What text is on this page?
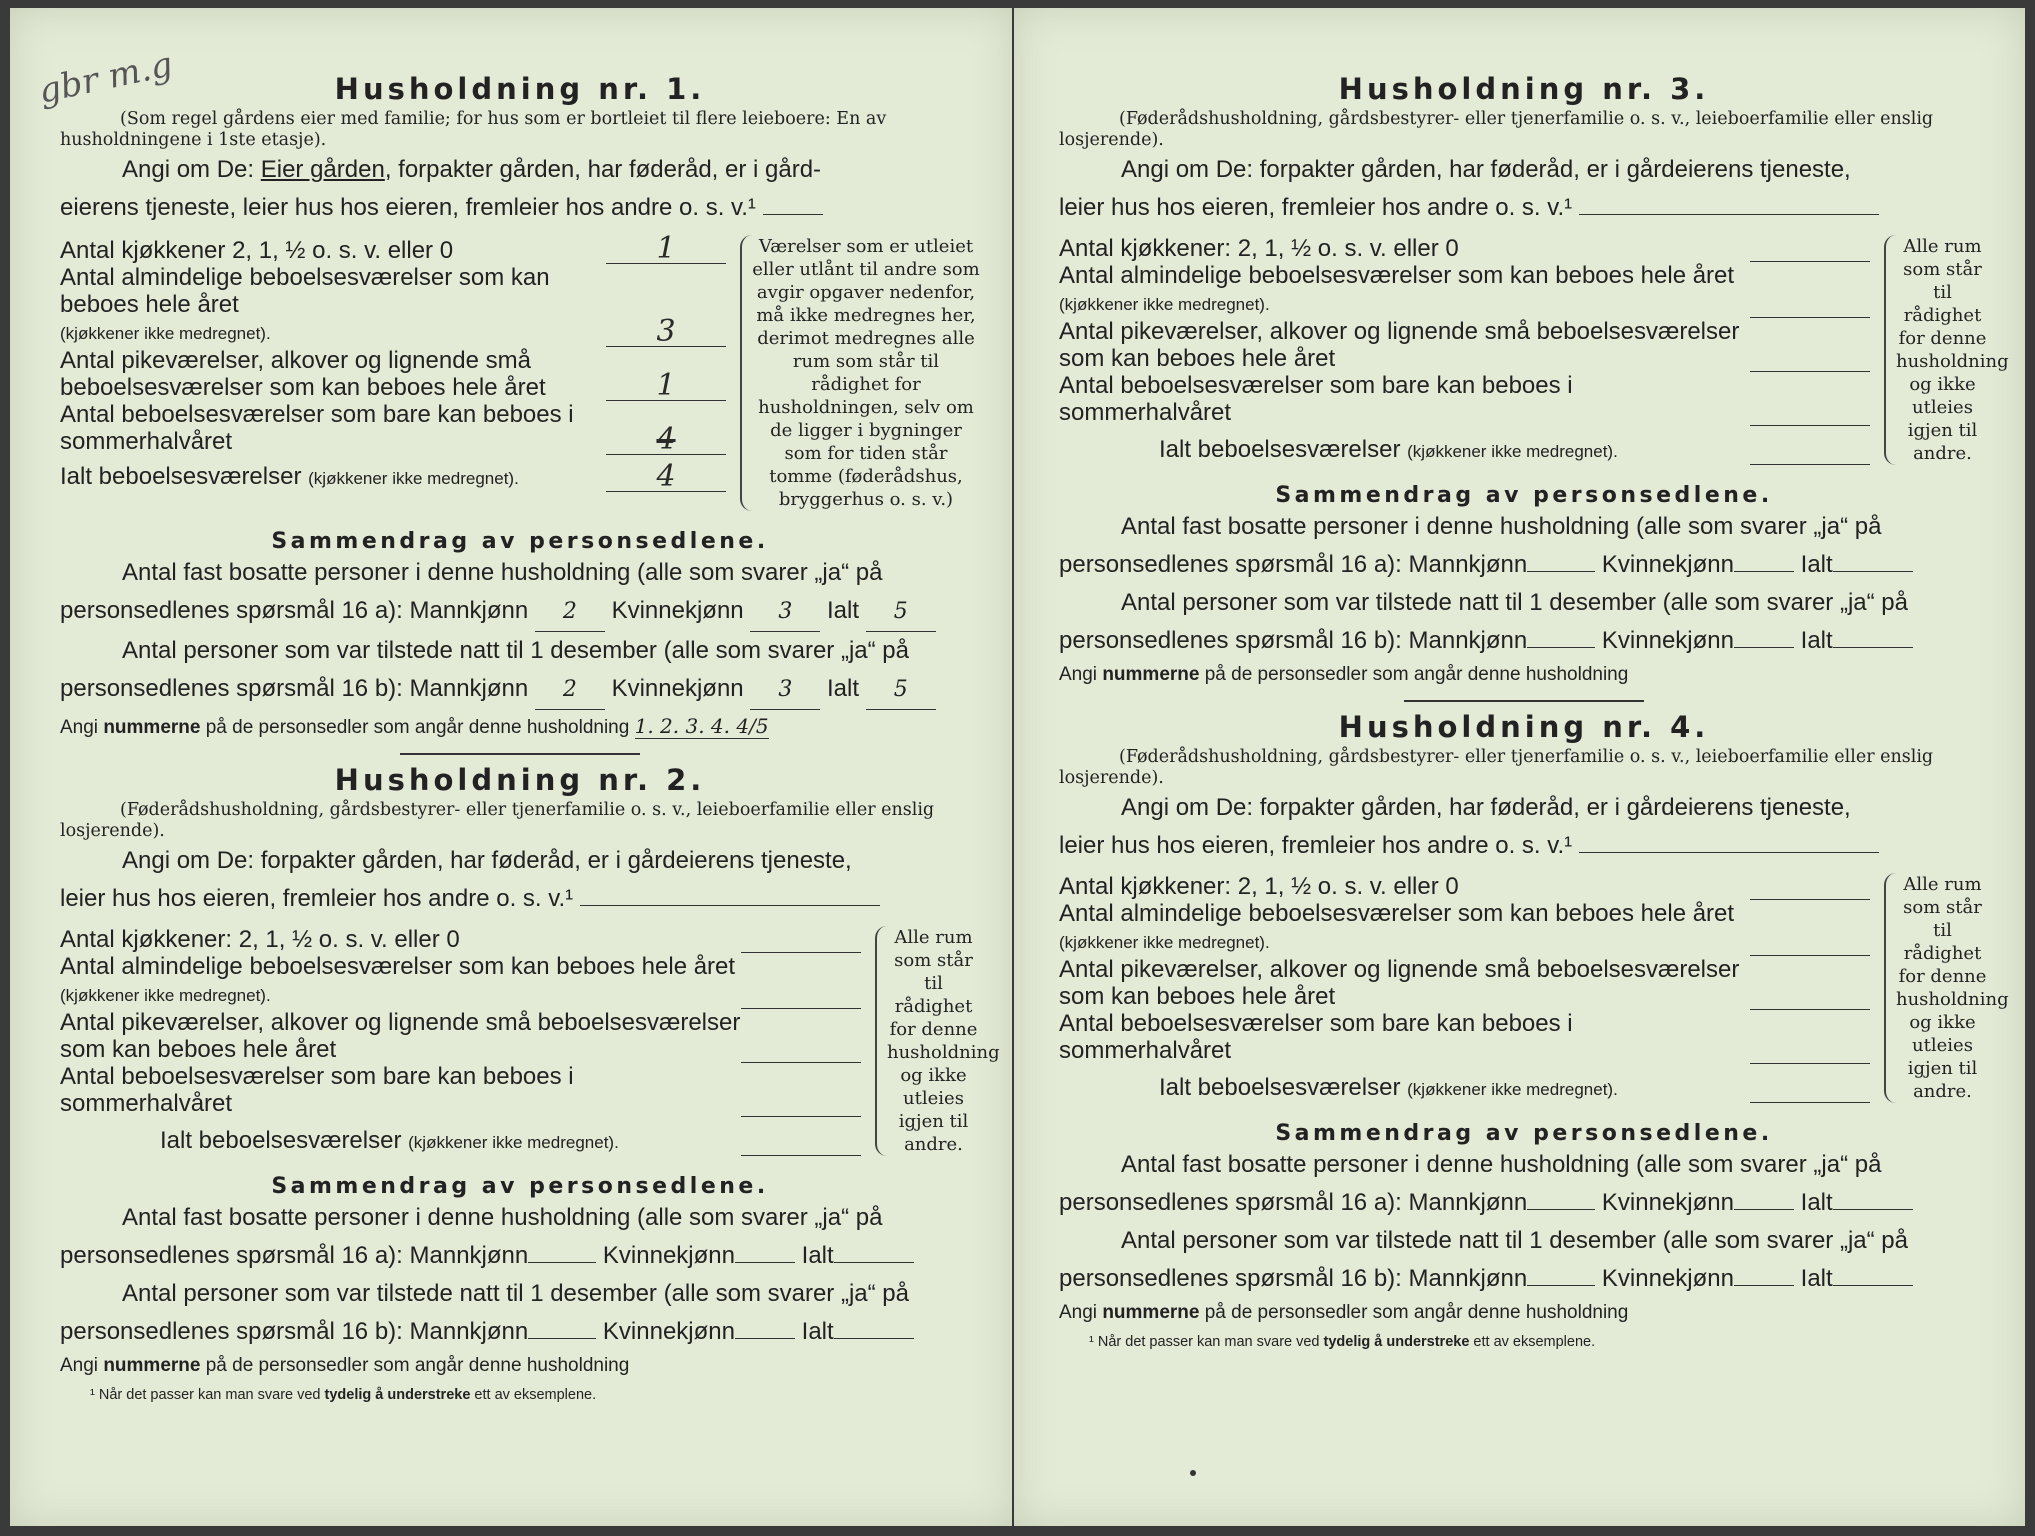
gbr m.g	Husholdning nr. 1.
(Som regel gårdens eier med familie; for hus som er bortleiet til flere leieboere: En av husholdningene i 1ste etasje).
Angi om De: Eier gården, forpakter gården, har føderåd, er i gård-
eierens tjeneste, leier hus hos eieren, fremleier hos andre o. s. v.¹
Antal kjøkkener 2, 1, ½ o. s. v. eller 0	1
Antal almindelige beboelsesværelser som kan beboes hele året
(kjøkkener ikke medregnet).	3
Antal pikeværelser, alkover og lignende små beboelsesværelser som kan beboes hele året	1
Antal beboelsesværelser som bare kan beboes i sommerhalvåret	4
Ialt beboelsesværelser (kjøkkener ikke medregnet).	4
Værelser som er utleiet eller utlånt til andre som avgir opgaver nedenfor, må ikke medregnes her, derimot medregnes alle rum som står til rådighet for husholdningen, selv om de ligger i bygninger som for tiden står tomme (føderådshus, bryggerhus o. s. v.)
Sammendrag av personsedlene.
Antal fast bosatte personer i denne husholdning (alle som svarer „ja“ på
personsedlenes spørsmål 16 a): Mannkjønn 2 Kvinnekjønn 3 Ialt 5
Antal personer som var tilstede natt til 1 desember (alle som svarer „ja“ på
personsedlenes spørsmål 16 b): Mannkjønn 2 Kvinnekjønn 3 Ialt 5
Angi nummerne på de personsedler som angår denne husholdning 1. 2. 3. 4. 4/5
Husholdning nr. 2.
(Føderådshusholdning, gårdsbestyrer- eller tjenerfamilie o. s. v., leieboerfamilie eller enslig losjerende).
Angi om De: forpakter gården, har føderåd, er i gårdeierens tjeneste,
leier hus hos eieren, fremleier hos andre o. s. v.¹
Antal kjøkkener: 2, 1, ½ o. s. v. eller 0
Antal almindelige beboelsesværelser som kan beboes hele året (kjøkkener ikke medregnet).
Antal pikeværelser, alkover og lignende små beboelsesværelser som kan beboes hele året
Antal beboelsesværelser som bare kan beboes i sommerhalvåret
Ialt beboelsesværelser (kjøkkener ikke medregnet).
Alle rum som står til rådighet for denne husholdning og ikke utleies igjen til andre.
Sammendrag av personsedlene.
Antal fast bosatte personer i denne husholdning (alle som svarer „ja“ på
personsedlenes spørsmål 16 a): Mannkjønn	Kvinnekjønn	Ialt
Antal personer som var tilstede natt til 1 desember (alle som svarer „ja“ på
personsedlenes spørsmål 16 b): Mannkjønn	Kvinnekjønn	Ialt
Angi nummerne på de personsedler som angår denne husholdning
¹ Når det passer kan man svare ved tydelig å understreke ett av eksemplene.
Husholdning nr. 3.
(Føderådshusholdning, gårdsbestyrer- eller tjenerfamilie o. s. v., leieboerfamilie eller enslig losjerende).
Angi om De: forpakter gården, har føderåd, er i gårdeierens tjeneste,
leier hus hos eieren, fremleier hos andre o. s. v.¹
Antal kjøkkener: 2, 1, ½ o. s. v. eller 0
Antal almindelige beboelsesværelser som kan beboes hele året (kjøkkener ikke medregnet).
Antal pikeværelser, alkover og lignende små beboelsesværelser som kan beboes hele året
Antal beboelsesværelser som bare kan beboes i sommerhalvåret
Ialt beboelsesværelser (kjøkkener ikke medregnet).
Alle rum som står til rådighet for denne husholdning og ikke utleies igjen til andre.
Sammendrag av personsedlene.
Antal fast bosatte personer i denne husholdning (alle som svarer „ja“ på
personsedlenes spørsmål 16 a): Mannkjønn	Kvinnekjønn	Ialt
Antal personer som var tilstede natt til 1 desember (alle som svarer „ja“ på
personsedlenes spørsmål 16 b): Mannkjønn	Kvinnekjønn	Ialt
Angi nummerne på de personsedler som angår denne husholdning
Husholdning nr. 4.
(Føderådshusholdning, gårdsbestyrer- eller tjenerfamilie o. s. v., leieboerfamilie eller enslig losjerende).
Angi om De: forpakter gården, har føderåd, er i gårdeierens tjeneste,
leier hus hos eieren, fremleier hos andre o. s. v.¹
Antal kjøkkener: 2, 1, ½ o. s. v. eller 0
Antal almindelige beboelsesværelser som kan beboes hele året (kjøkkener ikke medregnet).
Antal pikeværelser, alkover og lignende små beboelsesværelser som kan beboes hele året
Antal beboelsesværelser som bare kan beboes i sommerhalvåret
Ialt beboelsesværelser (kjøkkener ikke medregnet).
Alle rum som står til rådighet for denne husholdning og ikke utleies igjen til andre.
Sammendrag av personsedlene.
Antal fast bosatte personer i denne husholdning (alle som svarer „ja“ på
personsedlenes spørsmål 16 a): Mannkjønn	Kvinnekjønn	Ialt
Antal personer som var tilstede natt til 1 desember (alle som svarer „ja“ på
personsedlenes spørsmål 16 b): Mannkjønn	Kvinnekjønn	Ialt
Angi nummerne på de personsedler som angår denne husholdning
¹ Når det passer kan man svare ved tydelig å understreke ett av eksemplene.
